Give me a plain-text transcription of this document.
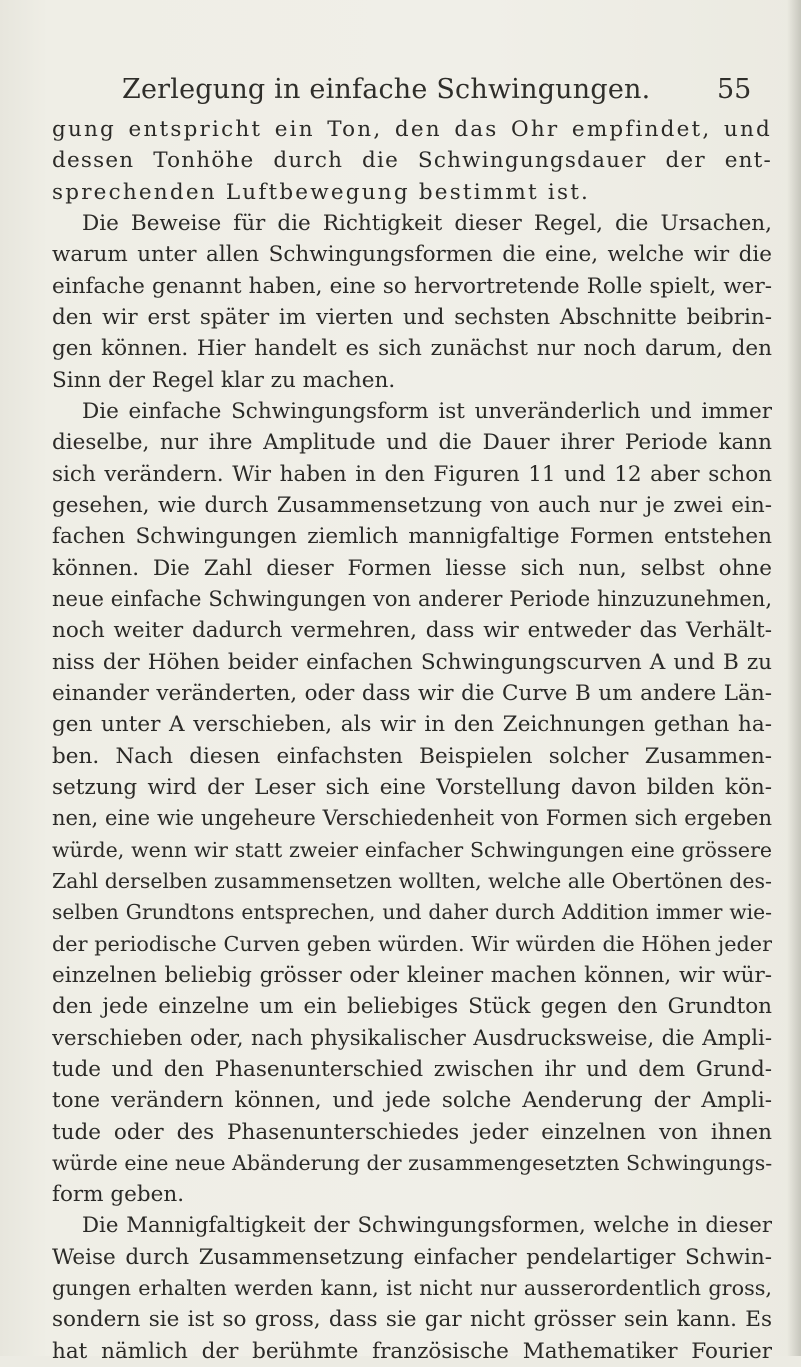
Zerlegung in einfache Schwingungen. 55
gung entspricht ein Ton, den das Ohr empfindet, und
dessen Tonhöhe durch die Schwingungsdauer der ent-
sprechenden Luftbewegung bestimmt ist.
Die Beweise für die Richtigkeit dieser Regel, die Ursachen,
warum unter allen Schwingungsformen die eine, welche wir die
einfache genannt haben, eine so hervortretende Rolle spielt, wer-
den wir erst später im vierten und sechsten Abschnitte beibrin-
gen können. Hier handelt es sich zunächst nur noch darum, den
Sinn der Regel klar zu machen.
Die einfache Schwingungsform ist unveränderlich und immer
dieselbe, nur ihre Amplitude und die Dauer ihrer Periode kann
sich verändern. Wir haben in den Figuren 11 und 12 aber schon
gesehen, wie durch Zusammensetzung von auch nur je zwei ein-
fachen Schwingungen ziemlich mannigfaltige Formen entstehen
können. Die Zahl dieser Formen liesse sich nun, selbst ohne
neue einfache Schwingungen von anderer Periode hinzuzunehmen,
noch weiter dadurch vermehren, dass wir entweder das Verhält-
niss der Höhen beider einfachen Schwingungscurven A und B zu
einander veränderten, oder dass wir die Curve B um andere Län-
gen unter A verschieben, als wir in den Zeichnungen gethan ha-
ben. Nach diesen einfachsten Beispielen solcher Zusammen-
setzung wird der Leser sich eine Vorstellung davon bilden kön-
nen, eine wie ungeheure Verschiedenheit von Formen sich ergeben
würde, wenn wir statt zweier einfacher Schwingungen eine grössere
Zahl derselben zusammensetzen wollten, welche alle Obertönen des-
selben Grundtons entsprechen, und daher durch Addition immer wie-
der periodische Curven geben würden. Wir würden die Höhen jeder
einzelnen beliebig grösser oder kleiner machen können, wir wür-
den jede einzelne um ein beliebiges Stück gegen den Grundton
verschieben oder, nach physikalischer Ausdrucksweise, die Ampli-
tude und den Phasenunterschied zwischen ihr und dem Grund-
tone verändern können, und jede solche Aenderung der Ampli-
tude oder des Phasenunterschiedes jeder einzelnen von ihnen
würde eine neue Abänderung der zusammengesetzten Schwingungs-
form geben.
Die Mannigfaltigkeit der Schwingungsformen, welche in dieser
Weise durch Zusammensetzung einfacher pendelartiger Schwin-
gungen erhalten werden kann, ist nicht nur ausserordentlich gross,
sondern sie ist so gross, dass sie gar nicht grösser sein kann. Es
hat nämlich der berühmte französische Mathematiker Fourier
